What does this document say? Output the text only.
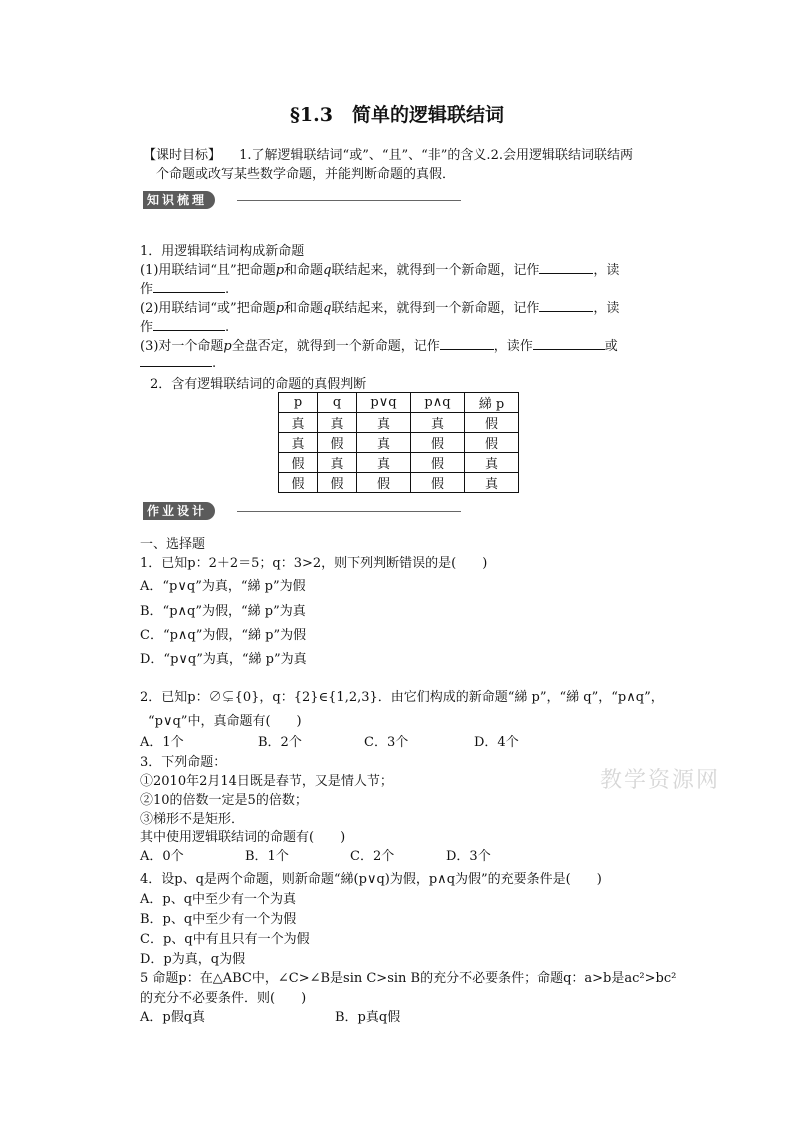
§1.3　简单的逻辑联结词
【课时目标】 1.了解逻辑联结词“或”、“且”、“非”的含义.2.会用逻辑联结词联结两
个命题或改写某些数学命题，并能判断命题的真假．
知识梳理
1．用逻辑联结词构成新命题
(1)用联结词“且”把命题p和命题q联结起来，就得到一个新命题，记作	，读
作	.
(2)用联结词“或”把命题p和命题q联结起来，就得到一个新命题，记作	，读
作	.
(3)对一个命题p全盘否定，就得到一个新命题，记作	，读作	或
.
2．含有逻辑联结词的命题的真假判断
p	q	p∨q	p∧q	綈 p
真	真	真	真	假
真	假	真	假	假
假	真	真	假	真
假	假	假	假	真
作业设计
一、选择题
1．已知p：2＋2＝5；q：3>2，则下列判断错误的是(　　)
A．“p∨q”为真，“綈 p”为假
B．“p∧q”为假，“綈 p”为真
C．“p∧q”为假，“綈 p”为假
D．“p∨q”为真，“綈 p”为真
2．已知p：∅⊊{0}，q：{2}∈{1,2,3}．由它们构成的新命题“綈 p”，“綈 q”，“p∧q”，
“p∨q”中，真命题有(　　)
A．1个	B．2个	C．3个	D．4个
3．下列命题：
①2010年2月14日既是春节，又是情人节；
②10的倍数一定是5的倍数；
③梯形不是矩形．
其中使用逻辑联结词的命题有(　　)
A．0个	B．1个	C．2个	D．3个
教学资源网
4．设p、q是两个命题，则新命题“綈(p∨q)为假，p∧q为假”的充要条件是(　　)
A．p、q中至少有一个为真
B．p、q中至少有一个为假
C．p、q中有且只有一个为假
D．p为真，q为假
5 命题p：在△ABC中，∠C>∠B是sin C>sin B的充分不必要条件；命题q：a>b是ac²>bc²
的充分不必要条件．则(　　)
A．p假q真	B．p真q假
